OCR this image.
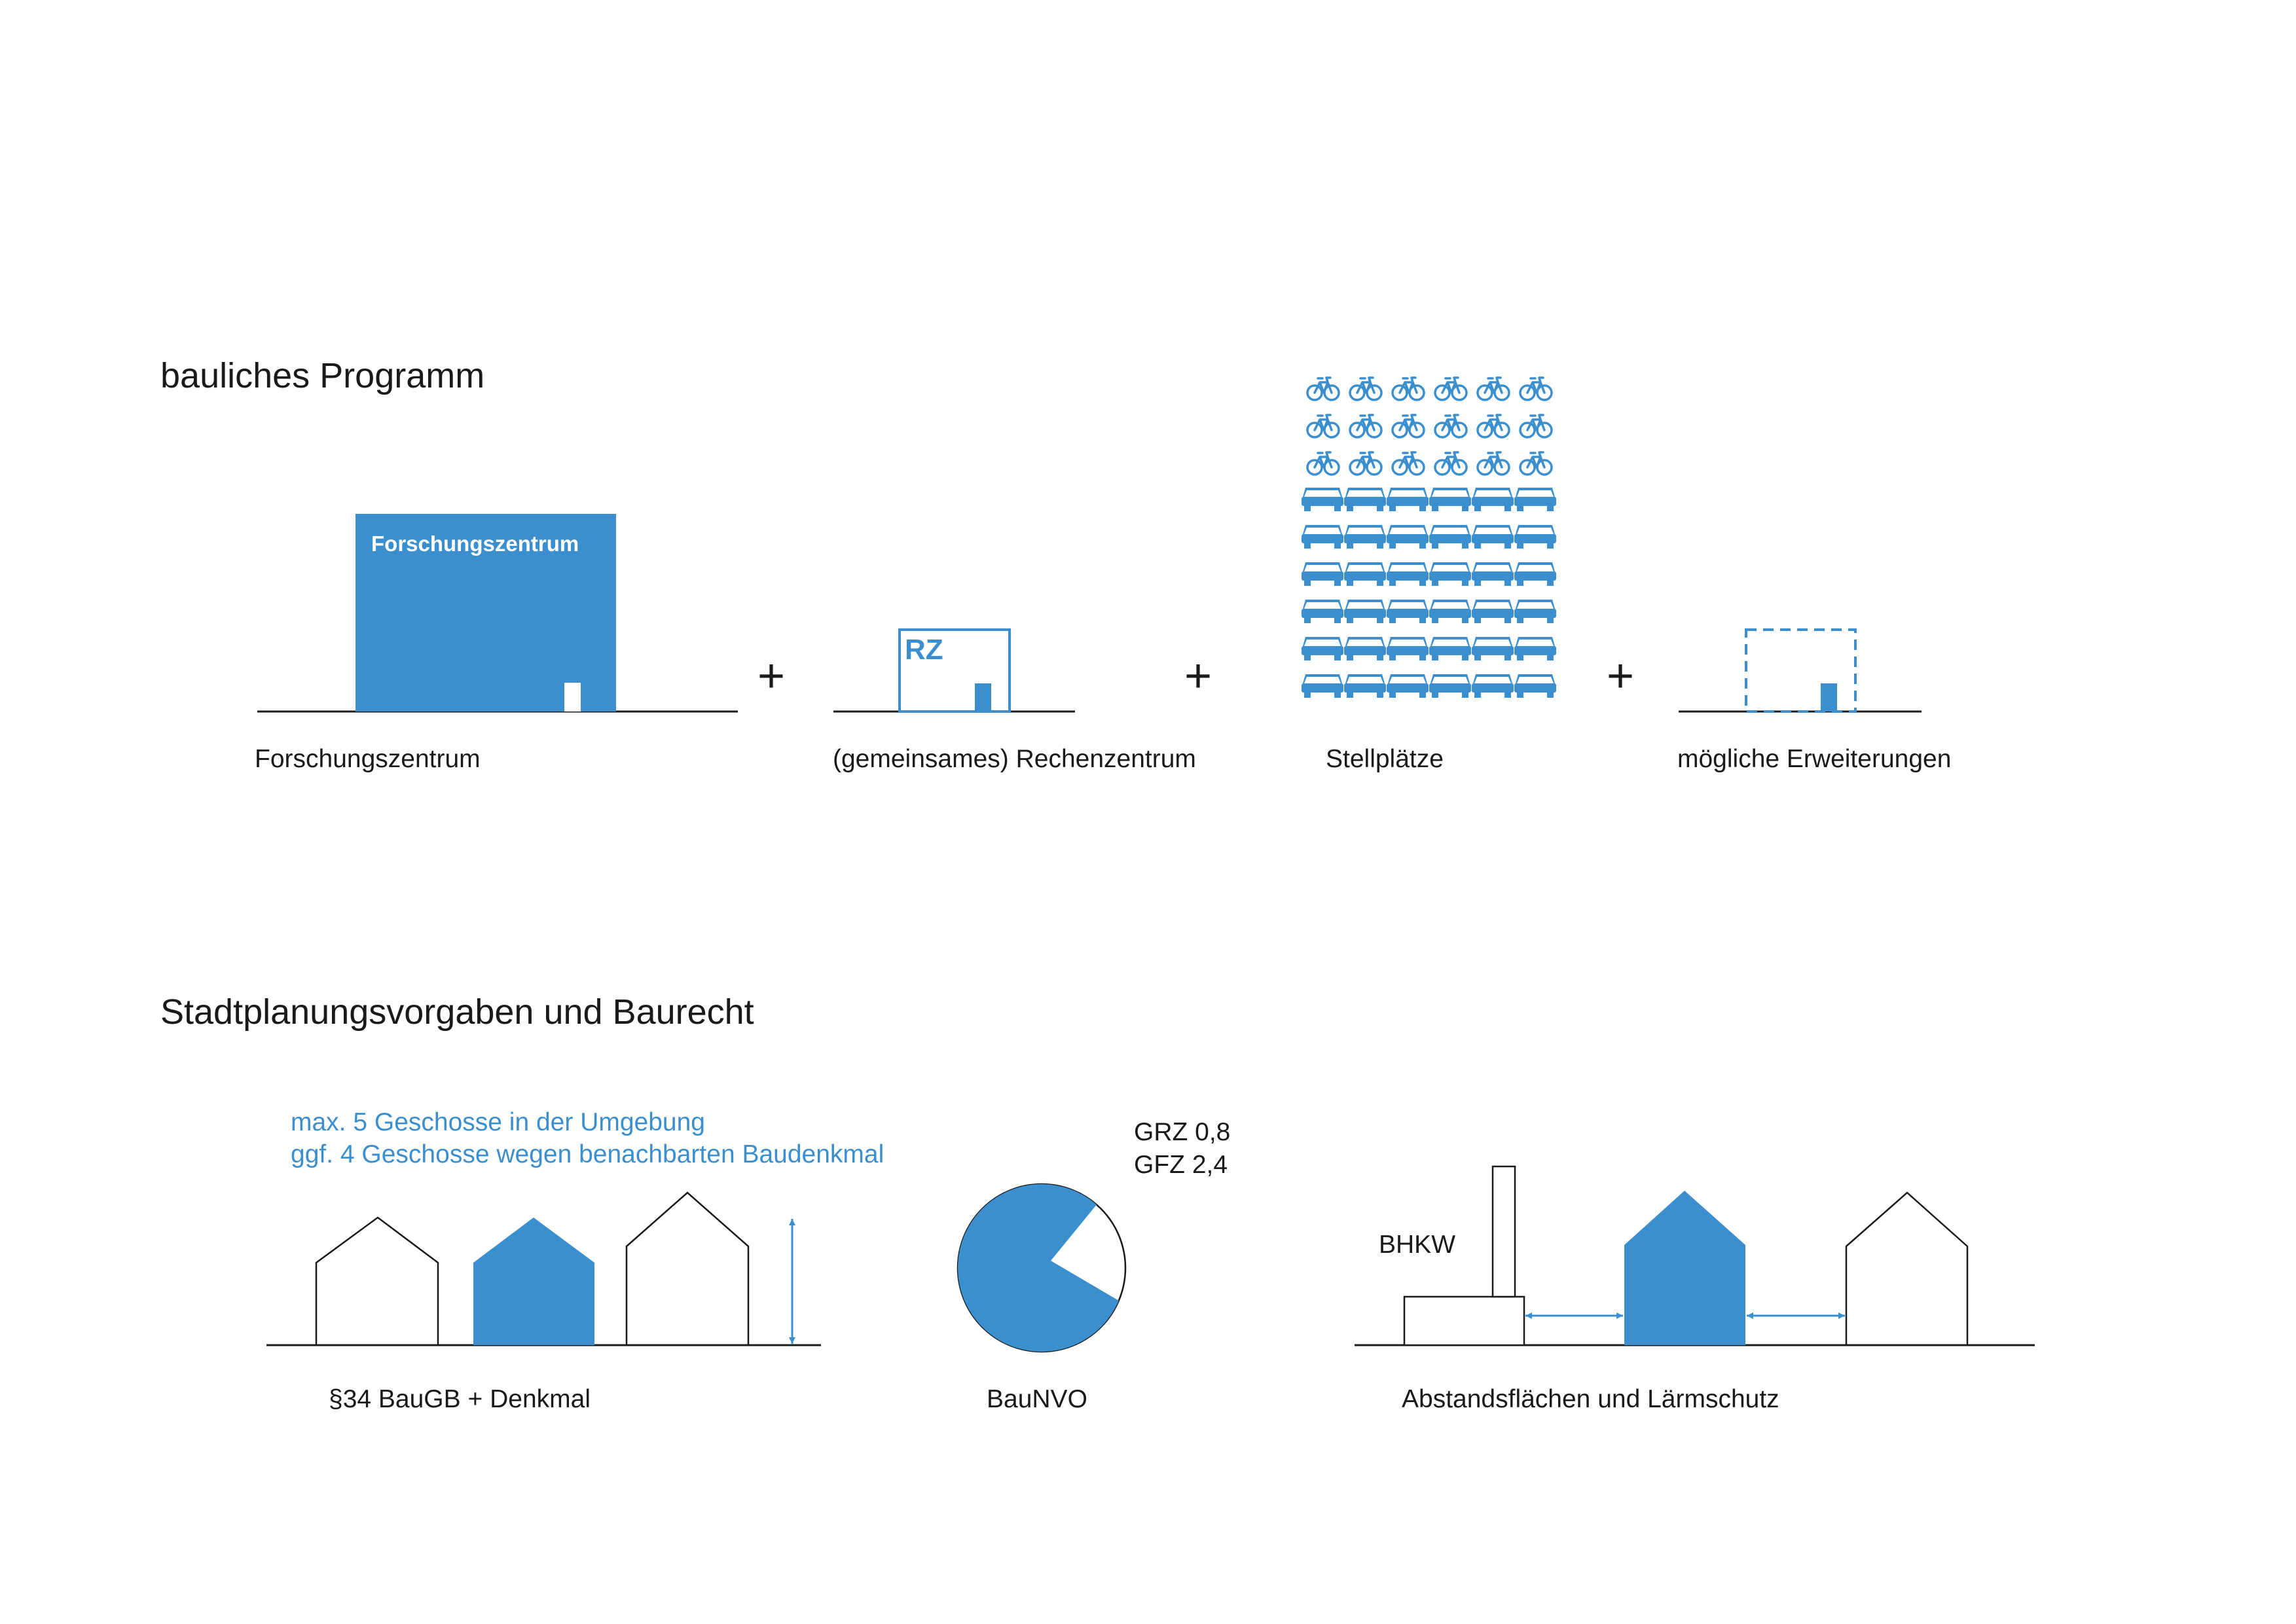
bauliches Programm
Forschungszentrum
RZ
+	+	+
Forschungszentrum	(gemeinsames) Rechenzentrum	Stellplätze	mögliche Erweiterungen
Stadtplanungsvorgaben und Baurecht
max. 5 Geschosse in der Umgebung
ggf. 4 Geschosse wegen benachbarten Baudenkmal
GRZ 0,8
GFZ 2,4
BHKW
§34 BauGB + Denkmal	BauNVO	Abstandsflächen und Lärmschutz
